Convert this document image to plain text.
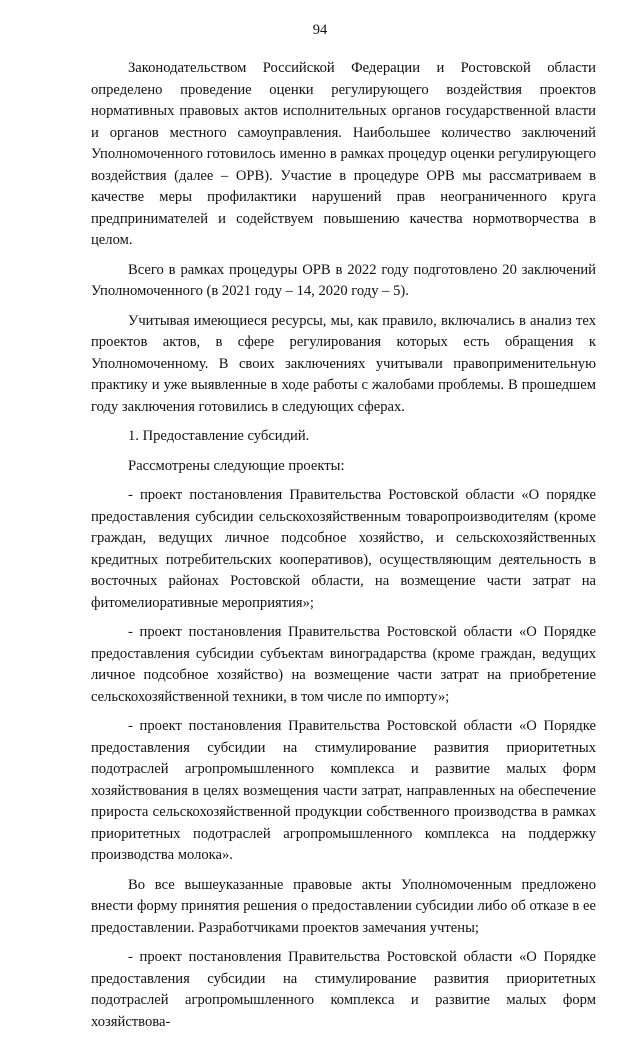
94

Законодательством Российской Федерации и Ростовской области определено проведение оценки регулирующего воздействия проектов нормативных правовых актов исполнительных органов государственной власти и органов местного самоуправления. Наибольшее количество заключений Уполномоченного готовилось именно в рамках процедур оценки регулирующего воздействия (далее – ОРВ). Участие в процедуре ОРВ мы рассматриваем в качестве меры профилактики нарушений прав неограниченного круга предпринимателей и содействуем повышению качества нормотворчества в целом.

Всего в рамках процедуры ОРВ в 2022 году подготовлено 20 заключений Уполномоченного (в 2021 году – 14, 2020 году – 5).

Учитывая имеющиеся ресурсы, мы, как правило, включались в анализ тех проектов актов, в сфере регулирования которых есть обращения к Уполномоченному. В своих заключениях учитывали правоприменительную практику и уже выявленные в ходе работы с жалобами проблемы. В прошедшем году заключения готовились в следующих сферах.

1. Предоставление субсидий.

Рассмотрены следующие проекты:

- проект постановления Правительства Ростовской области «О порядке предоставления субсидии сельскохозяйственным товаропроизводителям (кроме граждан, ведущих личное подсобное хозяйство, и сельскохозяйственных кредитных потребительских кооперативов), осуществляющим деятельность в восточных районах Ростовской области, на возмещение части затрат на фитомелиоративные мероприятия»;

- проект постановления Правительства Ростовской области «О Порядке предоставления субсидии субъектам виноградарства (кроме граждан, ведущих личное подсобное хозяйство) на возмещение части затрат на приобретение сельскохозяйственной техники, в том числе по импорту»;

- проект постановления Правительства Ростовской области «О Порядке предоставления субсидии на стимулирование развития приоритетных подотраслей агропромышленного комплекса и развитие малых форм хозяйствования в целях возмещения части затрат, направленных на обеспечение прироста сельскохозяйственной продукции собственного производства в рамках приоритетных подотраслей агропромышленного комплекса на поддержку производства молока».

Во все вышеуказанные правовые акты Уполномоченным предложено внести форму принятия решения о предоставлении субсидии либо об отказе в ее предоставлении. Разработчиками проектов замечания учтены;

- проект постановления Правительства Ростовской области «О Порядке предоставления субсидии на стимулирование развития приоритетных подотраслей агропромышленного комплекса и развитие малых форм хозяйствова-
